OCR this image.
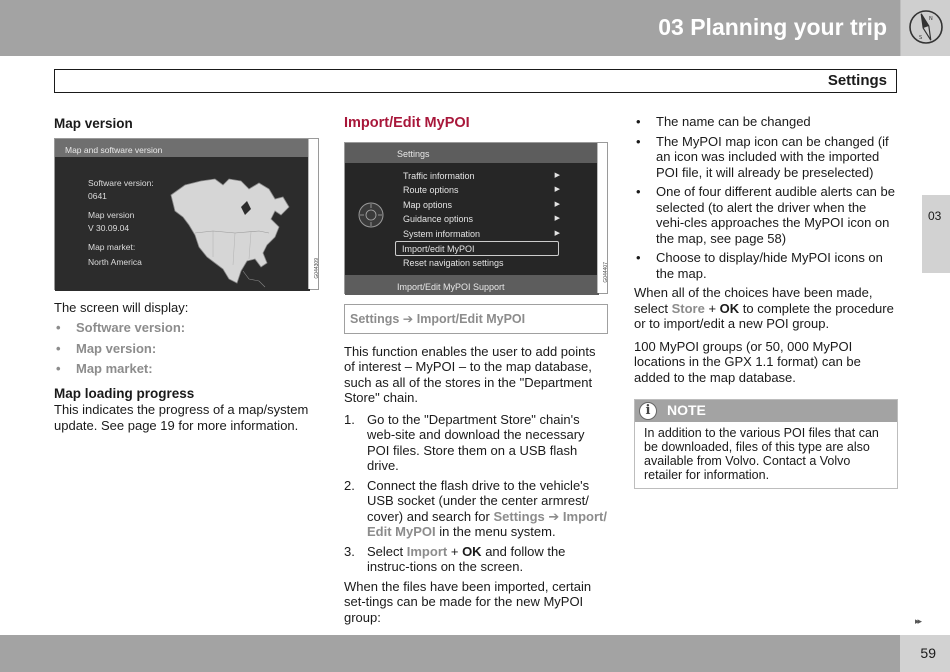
03 Planning your trip	N
S
Settings
03
Map version
Map and software version
Software version:
0641
Map version
V 30.09.04
Map market:
North America	G044309
The screen will display:
• Software version:
• Map version:
• Map market:
Map loading progress
This indicates the progress of a map/system update. See page 19 for more information.
Import/Edit MyPOI
Settings
Traffic information	▶
Route options	▶
Map options	▶
Guidance options	▶
System information	▶
Import/edit MyPOI
Reset navigation settings
Import/Edit MyPOI Support
G044407
Settings ➔ Import/Edit MyPOI
This function enables the user to add points of interest – MyPOI – to the map database, such as all of the stores in the "Department Store" chain.
1. Go to the "Department Store" chain's web-site and download the necessary POI files. Store them on a USB flash drive.
2. Connect the flash drive to the vehicle's USB socket (under the center armrest/ cover) and search for Settings ➔ Import/ Edit MyPOI in the menu system.
3. Select Import + OK and follow the instruc-tions on the screen.
When the files have been imported, certain set-tings can be made for the new MyPOI group:
• The name can be changed
• The MyPOI map icon can be changed (if an icon was included with the imported POI file, it will already be preselected)
• One of four different audible alerts can be selected (to alert the driver when the vehi-cles approaches the MyPOI icon on the map, see page 58)
• Choose to display/hide MyPOI icons on the map.
When all of the choices have been made, select Store + OK to complete the procedure or to import/edit a new POI group.
100 MyPOI groups (or 50, 000 MyPOI locations in the GPX 1.1 format) can be added to the map database.
i	NOTE
In addition to the various POI files that can be downloaded, files of this type are also available from Volvo. Contact a Volvo retailer for information.
▸▸
59
